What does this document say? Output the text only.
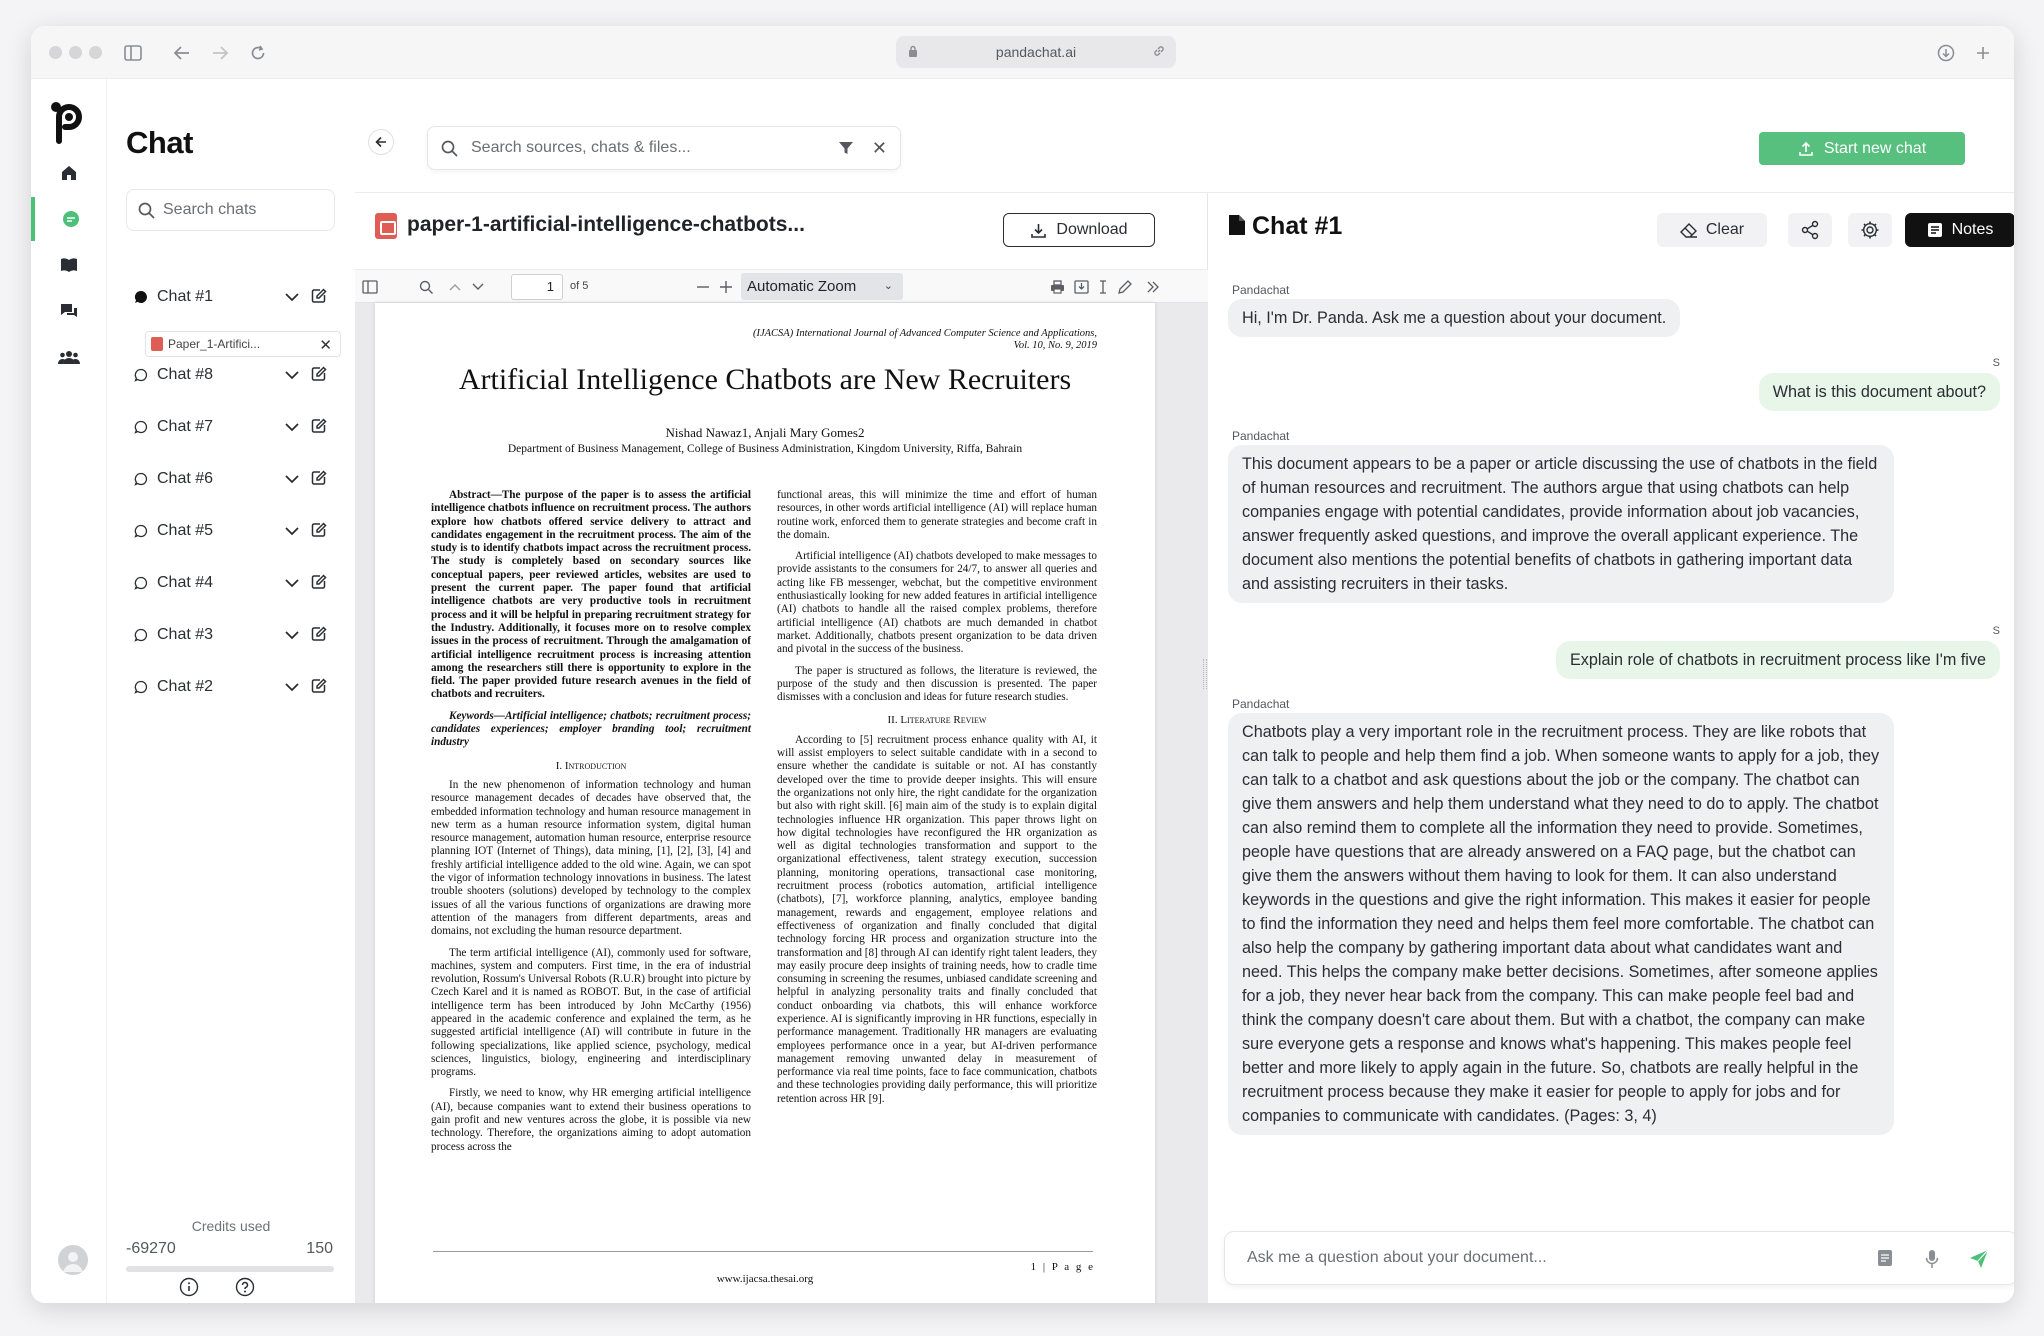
pandachat.ai
Chat
Search chats
Chat #1
Paper_1-Artifici...	✕
Chat #8
Chat #7
Chat #6
Chat #5
Chat #4
Chat #3
Chat #2
Credits used
-69270	150
Search sources, chats & files...	✕	Start new chat
paper-1-artificial-intelligence-chatbots...	Download
1	of 5	Automatic Zoom	⌄
(IJACSA) International Journal of Advanced Computer Science and Applications,
Vol. 10, No. 9, 2019
Artificial Intelligence Chatbots are New Recruiters
Nishad Nawaz1, Anjali Mary Gomes2
Department of Business Management, College of Business Administration, Kingdom University, Riffa, Bahrain

Abstract—The purpose of the paper is to assess the artificial intelligence chatbots influence on recruitment process. The authors explore how chatbots offered service delivery to attract and candidates engagement in the recruitment process. The aim of the study is to identify chatbots impact across the recruitment process. The study is completely based on secondary sources like conceptual papers, peer reviewed articles, websites are used to present the current paper. The paper found that artificial intelligence chatbots are very productive tools in recruitment process and it will be helpful in preparing recruitment strategy for the Industry. Additionally, it focuses more on to resolve complex issues in the process of recruitment. Through the amalgamation of artificial intelligence recruitment process is increasing attention among the researchers still there is opportunity to explore in the field. The paper provided future research avenues in the field of chatbots and recruiters.

Keywords—Artificial intelligence; chatbots; recruitment process; candidates experiences; employer branding tool; recruitment industry

I. Introduction

In the new phenomenon of information technology and human resource management decades of decades have observed that, the embedded information technology and human resource management in new term as a human resource information system, digital human resource management, automation human resource, enterprise resource planning IOT (Internet of Things), data mining, [1], [2], [3], [4] and freshly artificial intelligence added to the old wine. Again, we can spot the vigor of information technology innovations in business. The latest trouble shooters (solutions) developed by technology to the complex issues of all the various functions of organizations are drawing more attention of the managers from different departments, areas and domains, not excluding the human resource department.

The term artificial intelligence (AI), commonly used for software, machines, system and computers. First time, in the era of industrial revolution, Rossum's Universal Robots (R.U.R) brought into picture by Czech Karel and it is named as ROBOT. But, in the case of artificial intelligence term has been introduced by John McCarthy (1956) appeared in the academic conference and explained the term, as he suggested artificial intelligence (AI) will contribute in future in the following specializations, like applied science, psychology, medical sciences, linguistics, biology, engineering and interdisciplinary programs.

Firstly, we need to know, why HR emerging artificial intelligence (AI), because companies want to extend their business operations to gain profit and new ventures across the globe, it is possible via new technology. Therefore, the organizations aiming to adopt automation process across the

functional areas, this will minimize the time and effort of human resources, in other words artificial intelligence (AI) will replace human routine work, enforced them to generate strategies and become craft in the domain.

Artificial intelligence (AI) chatbots developed to make messages to provide assistants to the consumers for 24/7, to answer all queries and acting like FB messenger, webchat, but the competitive environment enthusiastically looking for new added features in artificial intelligence (AI) chatbots to handle all the raised complex problems, therefore artificial intelligence (AI) chatbots are much demanded in chatbot market. Additionally, chatbots present organization to be data driven and pivotal in the success of the business.

The paper is structured as follows, the literature is reviewed, the purpose of the study and then discussion is presented. The paper dismisses with a conclusion and ideas for future research studies.

II. Literature Review

According to [5] recruitment process enhance quality with AI, it will assist employers to select suitable candidate with in a second to ensure whether the candidate is suitable or not. AI has constantly developed over the time to provide deeper insights. This will ensure the organizations not only hire, the right candidate for the organization but also with right skill. [6] main aim of the study is to explain digital technologies influence HR organization. This paper throws light on how digital technologies have reconfigured the HR organization as well as digital technologies transformation and support to the organizational effectiveness, talent strategy execution, succession planning, monitoring operations, transactional case monitoring, recruitment process (robotics automation, artificial intelligence (chatbots), [7], workforce planning, analytics, employee banding management, rewards and engagement, employee relations and effectiveness of organization and finally concluded that digital technology forcing HR process and organization structure into the transformation and [8] through AI can identify right talent leaders, they may easily procure deep insights of training needs, how to cradle time consuming in screening the resumes, unbiased candidate screening and helpful in analyzing personality traits and finally concluded that conduct onboarding via chatbots, this will enhance workforce experience. AI is significantly improving in HR functions, especially in performance management. Traditionally HR managers are evaluating employees performance once in a year, but AI-driven performance management removing unwanted delay in measurement of performance via real time points, face to face communication, chatbots and these technologies providing daily performance, this will prioritize retention across HR [9].

1 | P a g e
www.ijacsa.thesai.org
Chat #1	Clear	Notes
Pandachat
Hi, I'm Dr. Panda. Ask me a question about your document.
S
What is this document about?
Pandachat
This document appears to be a paper or article discussing the use of chatbots in the field of human resources and recruitment. The authors argue that using chatbots can help companies engage with potential candidates, provide information about job vacancies, answer frequently asked questions, and improve the overall applicant experience. The document also mentions the potential benefits of chatbots in gathering important data and assisting recruiters in their tasks.
S
Explain role of chatbots in recruitment process like I'm five
Pandachat
Chatbots play a very important role in the recruitment process. They are like robots that can talk to people and help them find a job. When someone wants to apply for a job, they can talk to a chatbot and ask questions about the job or the company. The chatbot can give them answers and help them understand what they need to do to apply. The chatbot can also remind them to complete all the information they need to provide. Sometimes, people have questions that are already answered on a FAQ page, but the chatbot can give them the answers without them having to look for them. It can also understand keywords in the questions and give the right information. This makes it easier for people to find the information they need and helps them feel more comfortable. The chatbot can also help the company by gathering important data about what candidates want and need. This helps the company make better decisions. Sometimes, after someone applies for a job, they never hear back from the company. This can make people feel bad and think the company doesn't care about them. But with a chatbot, the company can make sure everyone gets a response and knows what's happening. This makes people feel better and more likely to apply again in the future. So, chatbots are really helpful in the recruitment process because they make it easier for people to apply for jobs and for companies to communicate with candidates. (Pages: 3, 4)
Ask me a question about your document...
